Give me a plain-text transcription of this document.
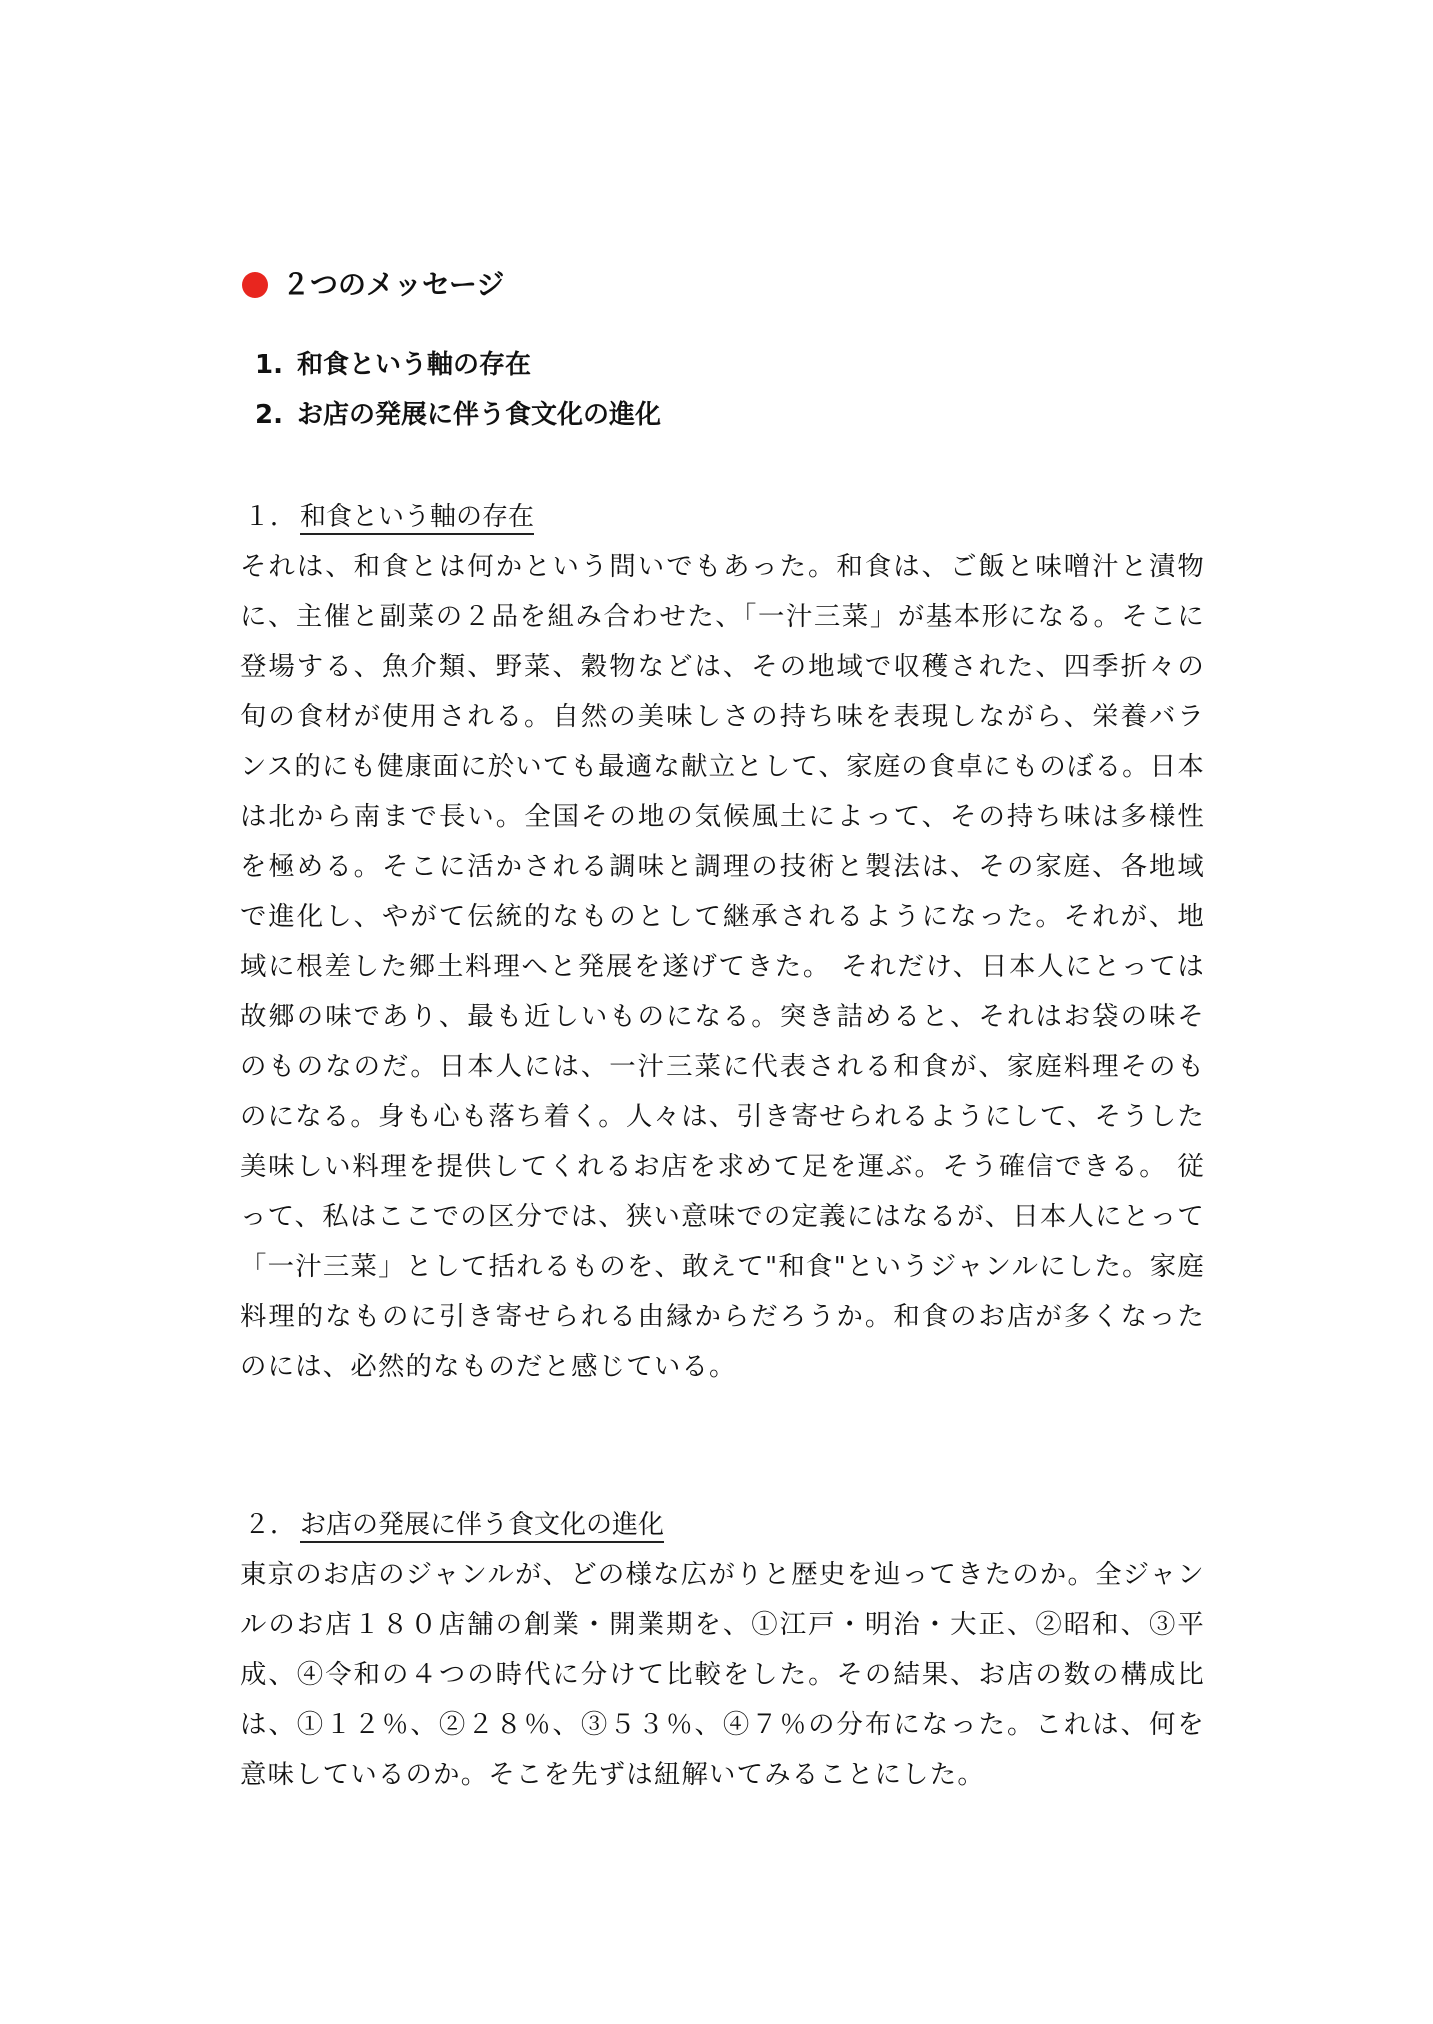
２つのメッセージ
1. 和食という軸の存在
2. お店の発展に伴う食文化の進化
１． 和食という軸の存在

それは、和食とは何かという問いでもあった。和食は、ご飯と味噌汁と漬物に、主催と副菜の２品を組み合わせた、「一汁三菜」が基本形になる。そこに登場する、魚介類、野菜、穀物などは、その地域で収穫された、四季折々の旬の食材が使用される。自然の美味しさの持ち味を表現しながら、栄養バランス的にも健康面に於いても最適な献立として、家庭の食卓にものぼる。日本は北から南まで長い。全国その地の気候風土によって、その持ち味は多様性を極める。そこに活かされる調味と調理の技術と製法は、その家庭、各地域で進化し、やがて伝統的なものとして継承されるようになった。それが、地域に根差した郷土料理へと発展を遂げてきた。 それだけ、日本人にとっては故郷の味であり、最も近しいものになる。突き詰めると、それはお袋の味そのものなのだ。日本人には、一汁三菜に代表される和食が、家庭料理そのものになる。身も心も落ち着く。人々は、引き寄せられるようにして、そうした美味しい料理を提供してくれるお店を求めて足を運ぶ。そう確信できる。 従って、私はここでの区分では、狭い意味での定義にはなるが、日本人にとって「一汁三菜」として括れるものを、敢えて"和食"というジャンルにした。家庭料理的なものに引き寄せられる由縁からだろうか。和食のお店が多くなったのには、必然的なものだと感じている。

２． お店の発展に伴う食文化の進化

東京のお店のジャンルが、どの様な広がりと歴史を辿ってきたのか。全ジャンルのお店１８０店舗の創業・開業期を、①江戸・明治・大正、②昭和、③平成、④令和の４つの時代に分けて比較をした。その結果、お店の数の構成比は、①１２％、②２８％、③５３％、④７％の分布になった。これは、何を意味しているのか。そこを先ずは紐解いてみることにした。
